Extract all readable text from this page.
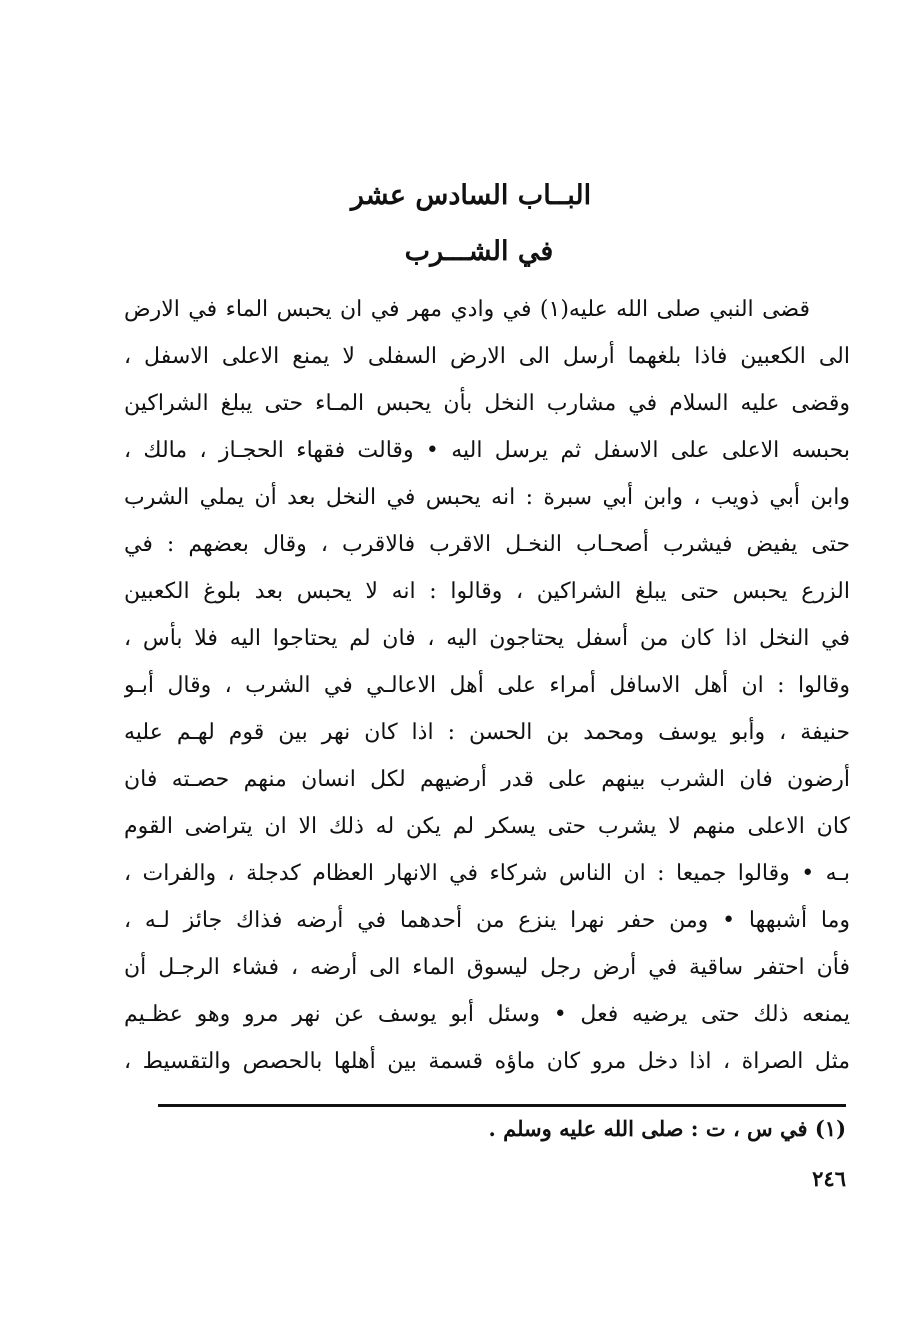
البــاب السادس عشر
في الشـــرب
قضى النبي صلى الله عليه(١) في وادي مهر في ان يحبس الماء في الارض
الى الكعبين فاذا بلغهما أرسل الى الارض السفلى لا يمنع الاعلى الاسفل ،
وقضى عليه السلام في مشارب النخل بأن يحبس المـاء حتى يبلغ الشراكين
بحبسه الاعلى على الاسفل ثم يرسل اليه • وقالت فقهاء الحجـاز ، مالك ،
وابن أبي ذويب ، وابن أبي سبرة : انه يحبس في النخل بعد أن يملي الشرب
حتى يفيض فيشرب أصحـاب النخـل الاقرب فالاقرب ، وقال بعضهم : في
الزرع يحبس حتى يبلغ الشراكين ، وقالوا : انه لا يحبس بعد بلوغ الكعبين
في النخل اذا كان من أسفل يحتاجون اليه ، فان لم يحتاجوا اليه فلا بأس ،
وقالوا : ان أهل الاسافل أمراء على أهل الاعالـي في الشرب ، وقال أبـو
حنيفة ، وأبو يوسف ومحمد بن الحسن : اذا كان نهر بين قوم لهـم عليه
أرضون فان الشرب بينهم على قدر أرضيهم لكل انسان منهم حصـته فان
كان الاعلى منهم لا يشرب حتى يسكر لم يكن له ذلك الا ان يتراضى القوم
بـه • وقالوا جميعا : ان الناس شركاء في الانهار العظام كدجلة ، والفرات ،
وما أشبهها • ومن حفر نهرا ينزع من أحدهما في أرضه فذاك جائز لـه ،
فأن احتفر ساقية في أرض رجل ليسوق الماء الى أرضه ، فشاء الرجـل أن
يمنعه ذلك حتى يرضيه فعل • وسئل أبو يوسف عن نهر مرو وهو عظـيم
مثل الصراة ، اذا دخل مرو كان ماؤه قسمة بين أهلها بالحصص والتقسيط ،
(١) في س ، ت : صلى الله عليه وسلم .
٢٤٦
